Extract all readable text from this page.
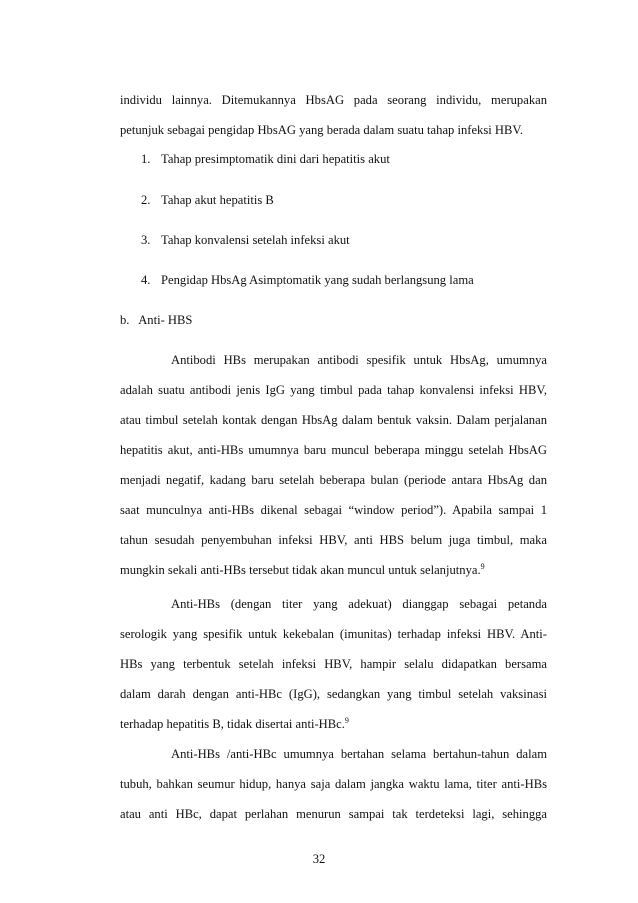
individu lainnya. Ditemukannya HbsAG pada seorang individu, merupakan
petunjuk sebagai pengidap HbsAG yang berada dalam suatu tahap infeksi HBV.
1. Tahap presimptomatik dini dari hepatitis akut
2. Tahap akut hepatitis B
3. Tahap konvalensi setelah infeksi akut
4. Pengidap HbsAg Asimptomatik yang sudah berlangsung lama
b.   Anti- HBS
Antibodi HBs merupakan antibodi spesifik untuk HbsAg, umumnya
adalah suatu antibodi jenis IgG yang timbul pada tahap konvalensi infeksi HBV,
atau timbul setelah kontak dengan HbsAg dalam bentuk vaksin. Dalam perjalanan
hepatitis akut, anti-HBs umumnya baru muncul beberapa minggu setelah HbsAG
menjadi negatif, kadang baru setelah beberapa bulan (periode antara HbsAg dan
saat munculnya anti-HBs dikenal sebagai “window period”). Apabila sampai 1
tahun sesudah penyembuhan infeksi HBV, anti HBS belum juga timbul, maka
mungkin sekali anti-HBs tersebut tidak akan muncul untuk selanjutnya.$^9$
Anti-HBs (dengan titer yang adekuat) dianggap sebagai petanda
serologik yang spesifik untuk kekebalan (imunitas) terhadap infeksi HBV. Anti-
HBs yang terbentuk setelah infeksi HBV, hampir selalu didapatkan bersama
dalam darah dengan anti-HBc (IgG), sedangkan yang timbul setelah vaksinasi
terhadap hepatitis B, tidak disertai anti-HBc.$^9$
Anti-HBs /anti-HBc umumnya bertahan selama bertahun-tahun dalam
tubuh, bahkan seumur hidup, hanya saja dalam jangka waktu lama, titer anti-HBs
atau anti HBc, dapat perlahan menurun sampai tak terdeteksi lagi, sehingga
32
